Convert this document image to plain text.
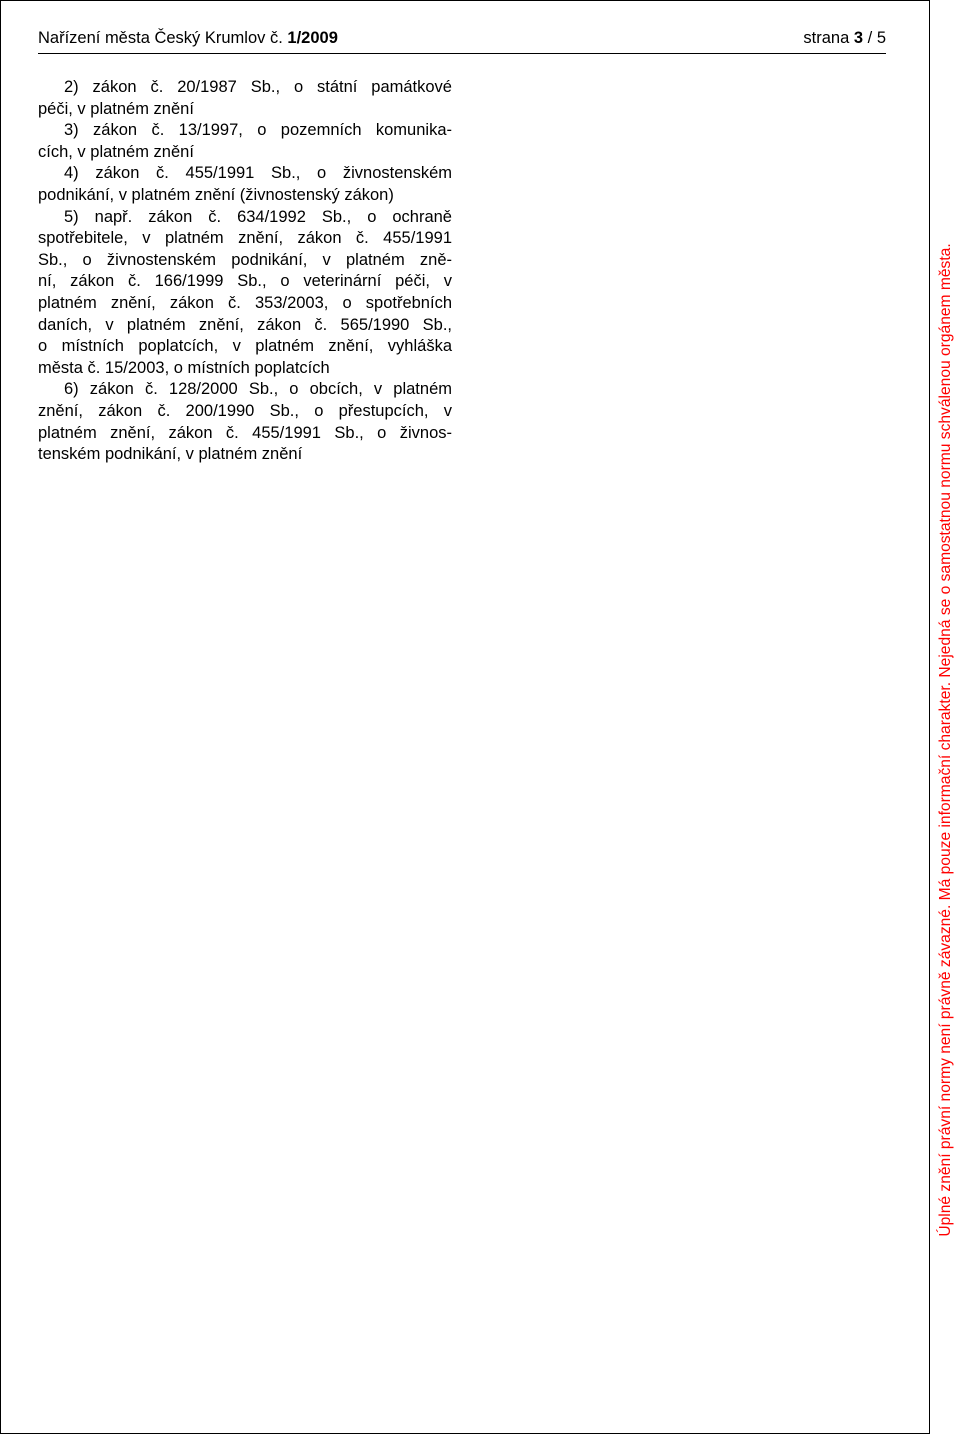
Nařízení města Český Krumlov č. 1/2009	strana 3 / 5
2) zákon č. 20/1987 Sb., o státní památkové
péči, v platném znění
3) zákon č. 13/1997, o pozemních komunika-
cích, v platném znění
4) zákon č. 455/1991 Sb., o živnostenském
podnikání, v platném znění (živnostenský zákon)
5) např. zákon č. 634/1992 Sb., o ochraně
spotřebitele, v platném znění, zákon č. 455/1991
Sb., o živnostenském podnikání, v platném zně-
ní, zákon č. 166/1999 Sb., o veterinární péči, v
platném znění, zákon č. 353/2003, o spotřebních
daních, v platném znění, zákon č. 565/1990 Sb.,
o místních poplatcích, v platném znění, vyhláška
města č. 15/2003, o místních poplatcích
6) zákon č. 128/2000 Sb., o obcích, v platném
znění, zákon č. 200/1990 Sb., o přestupcích, v
platném znění, zákon č. 455/1991 Sb., o živnos-
tenském podnikání, v platném znění	Úplné znění právní normy není právně závazné. Má pouze informační charakter. Nejedná se o samostatnou normu schválenou orgánem města.
